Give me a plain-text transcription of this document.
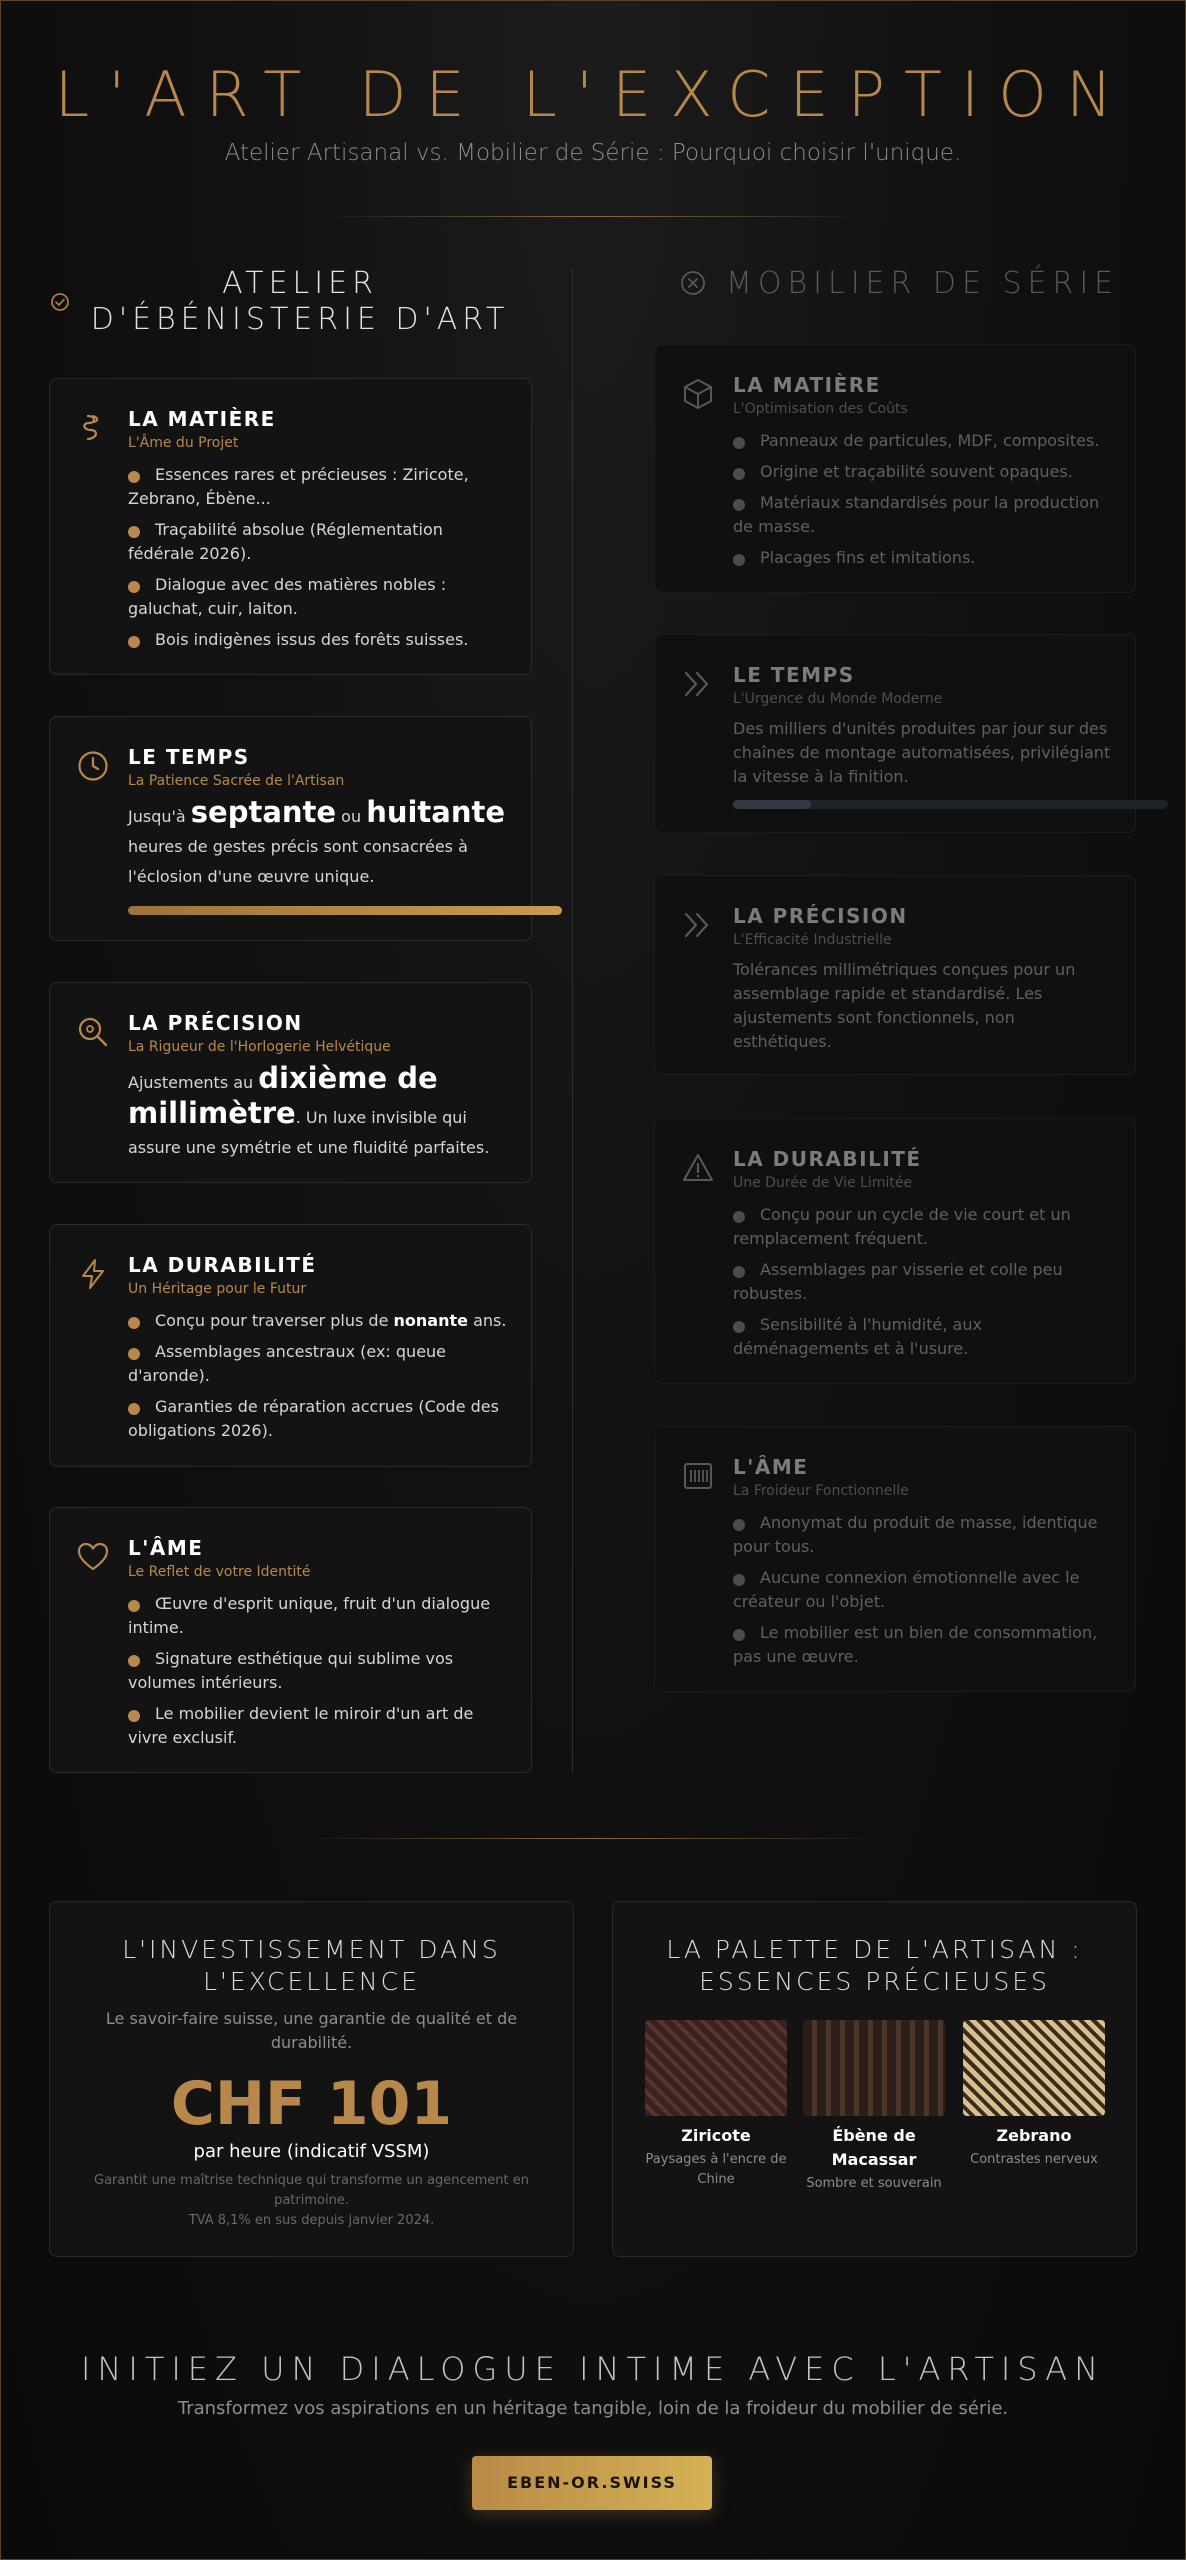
L'ART DE L'EXCEPTION
Atelier Artisanal vs. Mobilier de Série : Pourquoi choisir l'unique.
ATELIER
D'ÉBÉNISTERIE D'ART
MOBILIER DE SÉRIE
LA MATIÈRE
L'Âme du Projet
Essences rares et précieuses : Ziricote, Zebrano, Ébène...
Traçabilité absolue (Réglementation fédérale 2026).
Dialogue avec des matières nobles : galuchat, cuir, laiton.
Bois indigènes issus des forêts suisses.
LE TEMPS
La Patience Sacrée de l'Artisan
Jusqu'à septante ou huitante heures de gestes précis sont consacrées à l'éclosion d'une œuvre unique.
LA PRÉCISION
La Rigueur de l'Horlogerie Helvétique
Ajustements au dixième de millimètre. Un luxe invisible qui assure une symétrie et une fluidité parfaites.
LA DURABILITÉ
Un Héritage pour le Futur
Conçu pour traverser plus de nonante ans.
Assemblages ancestraux (ex: queue d'aronde).
Garanties de réparation accrues (Code des obligations 2026).
L'ÂME
Le Reflet de votre Identité
Œuvre d'esprit unique, fruit d'un dialogue intime.
Signature esthétique qui sublime vos volumes intérieurs.
Le mobilier devient le miroir d'un art de vivre exclusif.
LA MATIÈRE
L'Optimisation des Coûts
Panneaux de particules, MDF, composites.
Origine et traçabilité souvent opaques.
Matériaux standardisés pour la production de masse.
Placages fins et imitations.
LE TEMPS
L'Urgence du Monde Moderne
Des milliers d'unités produites par jour sur des chaînes de montage automatisées, privilégiant la vitesse à la finition.
LA PRÉCISION
L'Efficacité Industrielle
Tolérances millimétriques conçues pour un assemblage rapide et standardisé. Les ajustements sont fonctionnels, non esthétiques.
LA DURABILITÉ
Une Durée de Vie Limitée
Conçu pour un cycle de vie court et un remplacement fréquent.
Assemblages par visserie et colle peu robustes.
Sensibilité à l'humidité, aux déménagements et à l'usure.
L'ÂME
La Froideur Fonctionnelle
Anonymat du produit de masse, identique pour tous.
Aucune connexion émotionnelle avec le créateur ou l'objet.
Le mobilier est un bien de consommation, pas une œuvre.
L'INVESTISSEMENT DANS
L'EXCELLENCE
Le savoir-faire suisse, une garantie de qualité et de durabilité.
CHF 101
par heure (indicatif VSSM)
Garantit une maîtrise technique qui transforme un agencement en patrimoine.
TVA 8,1% en sus depuis janvier 2024.
LA PALETTE DE L'ARTISAN :
ESSENCES PRÉCIEUSES
Ziricote
Paysages à l'encre de Chine
Ébène de Macassar
Sombre et souverain
Zebrano
Contrastes nerveux
INITIEZ UN DIALOGUE INTIME AVEC L'ARTISAN
Transformez vos aspirations en un héritage tangible, loin de la froideur du mobilier de série.
EBEN-OR.SWISS
